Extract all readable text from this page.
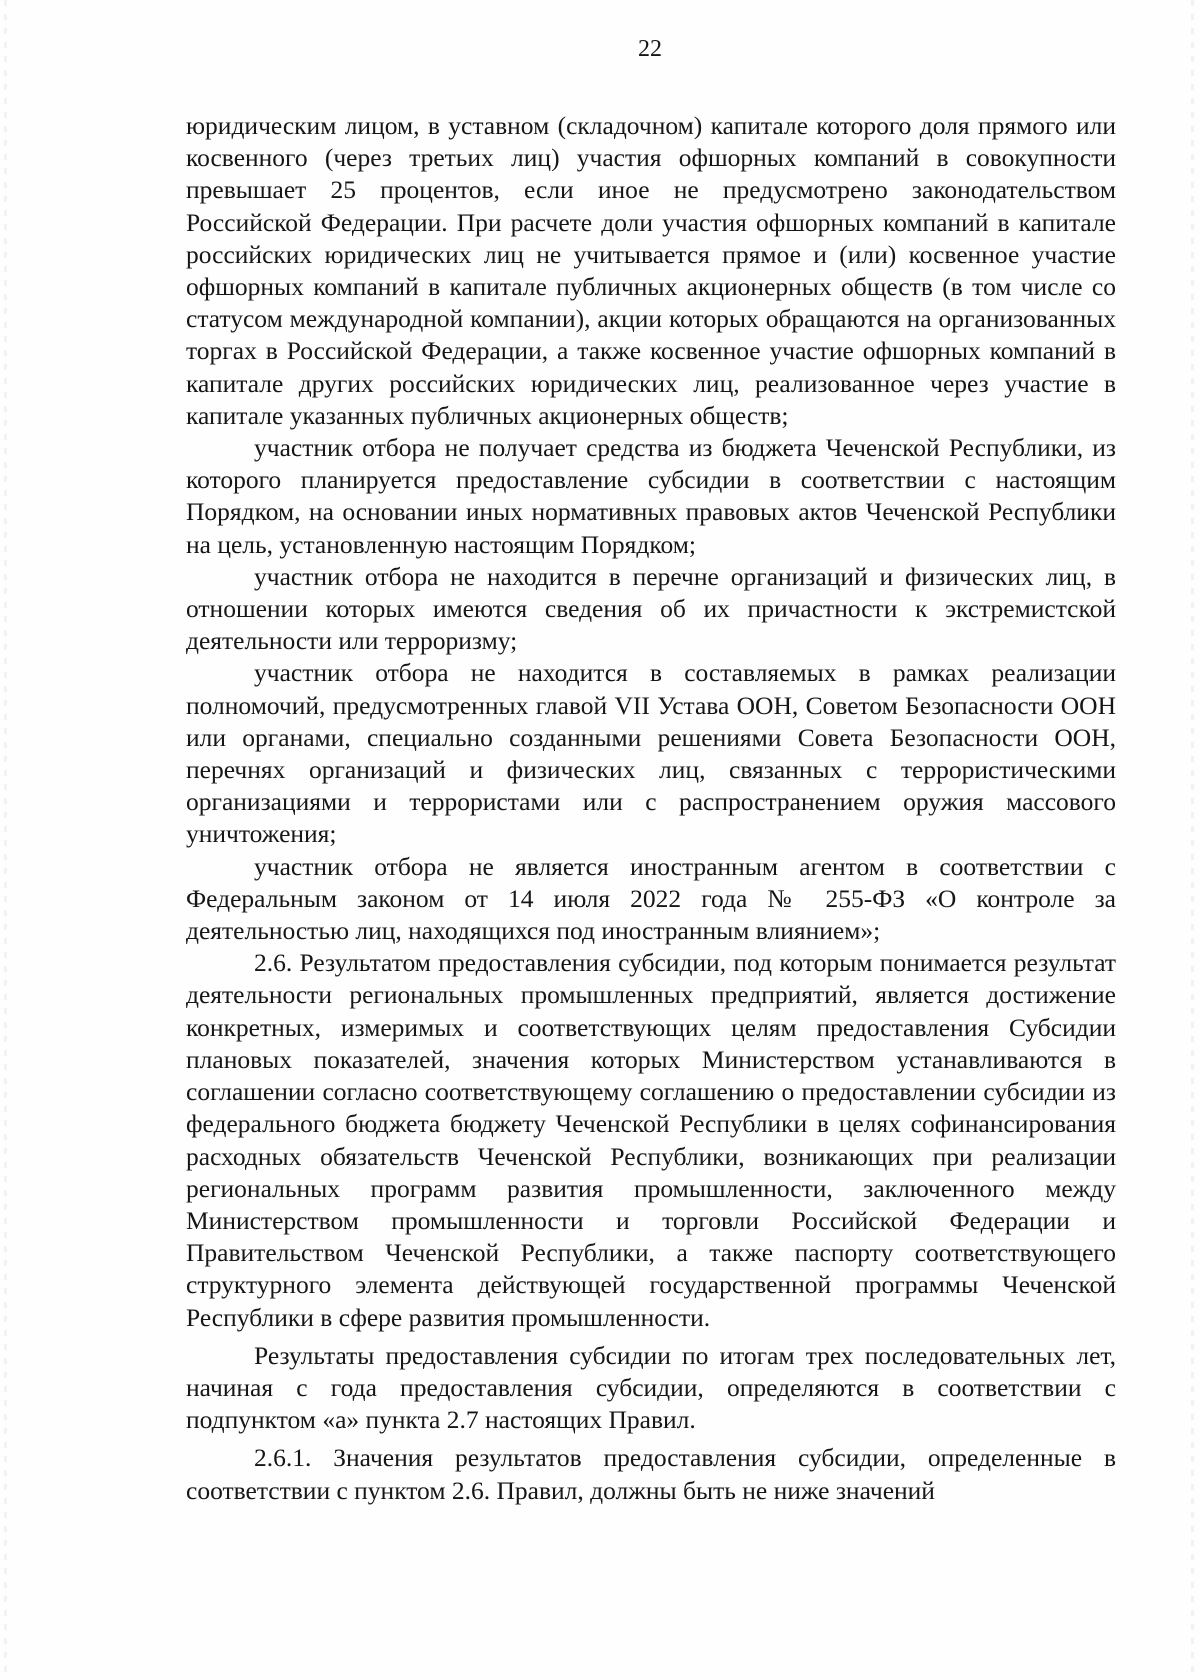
22

юридическим лицом, в уставном (складочном) капитале которого доля прямого или косвенного (через третьих лиц) участия офшорных компаний в совокупности превышает 25 процентов, если иное не предусмотрено законодательством Российской Федерации. При расчете доли участия офшорных компаний в капитале российских юридических лиц не учитывается прямое и (или) косвенное участие офшорных компаний в капитале публичных акционерных обществ (в том числе со статусом международной компании), акции которых обращаются на организованных торгах в Российской Федерации, а также косвенное участие офшорных компаний в капитале других российских юридических лиц, реализованное через участие в капитале указанных публичных акционерных обществ;

участник отбора не получает средства из бюджета Чеченской Республики, из которого планируется предоставление субсидии в соответствии с настоящим Порядком, на основании иных нормативных правовых актов Чеченской Республики на цель, установленную настоящим Порядком;

участник отбора не находится в перечне организаций и физических лиц, в отношении которых имеются сведения об их причастности к экстремистской деятельности или терроризму;

участник отбора не находится в составляемых в рамках реализации полномочий, предусмотренных главой VII Устава ООН, Советом Безопасности ООН или органами, специально созданными решениями Совета Безопасности ООН, перечнях организаций и физических лиц, связанных с террористическими организациями и террористами или с распространением оружия массового уничтожения;

участник отбора не является иностранным агентом в соответствии с Федеральным законом от 14 июля 2022 года № 255-ФЗ «О контроле за деятельностью лиц, находящихся под иностранным влиянием»;

2.6. Результатом предоставления субсидии, под которым понимается результат деятельности региональных промышленных предприятий, является достижение конкретных, измеримых и соответствующих целям предоставления Субсидии плановых показателей, значения которых Министерством устанавливаются в соглашении согласно соответствующему соглашению о предоставлении субсидии из федерального бюджета бюджету Чеченской Республики в целях софинансирования расходных обязательств Чеченской Республики, возникающих при реализации региональных программ развития промышленности, заключенного между Министерством промышленности и торговли Российской Федерации и Правительством Чеченской Республики, а также паспорту соответствующего структурного элемента действующей государственной программы Чеченской Республики в сфере развития промышленности.

Результаты предоставления субсидии по итогам трех последовательных лет, начиная с года предоставления субсидии, определяются в соответствии с подпунктом «а» пункта 2.7 настоящих Правил.

2.6.1. Значения результатов предоставления субсидии, определенные в соответствии с пунктом 2.6. Правил, должны быть не ниже значений
